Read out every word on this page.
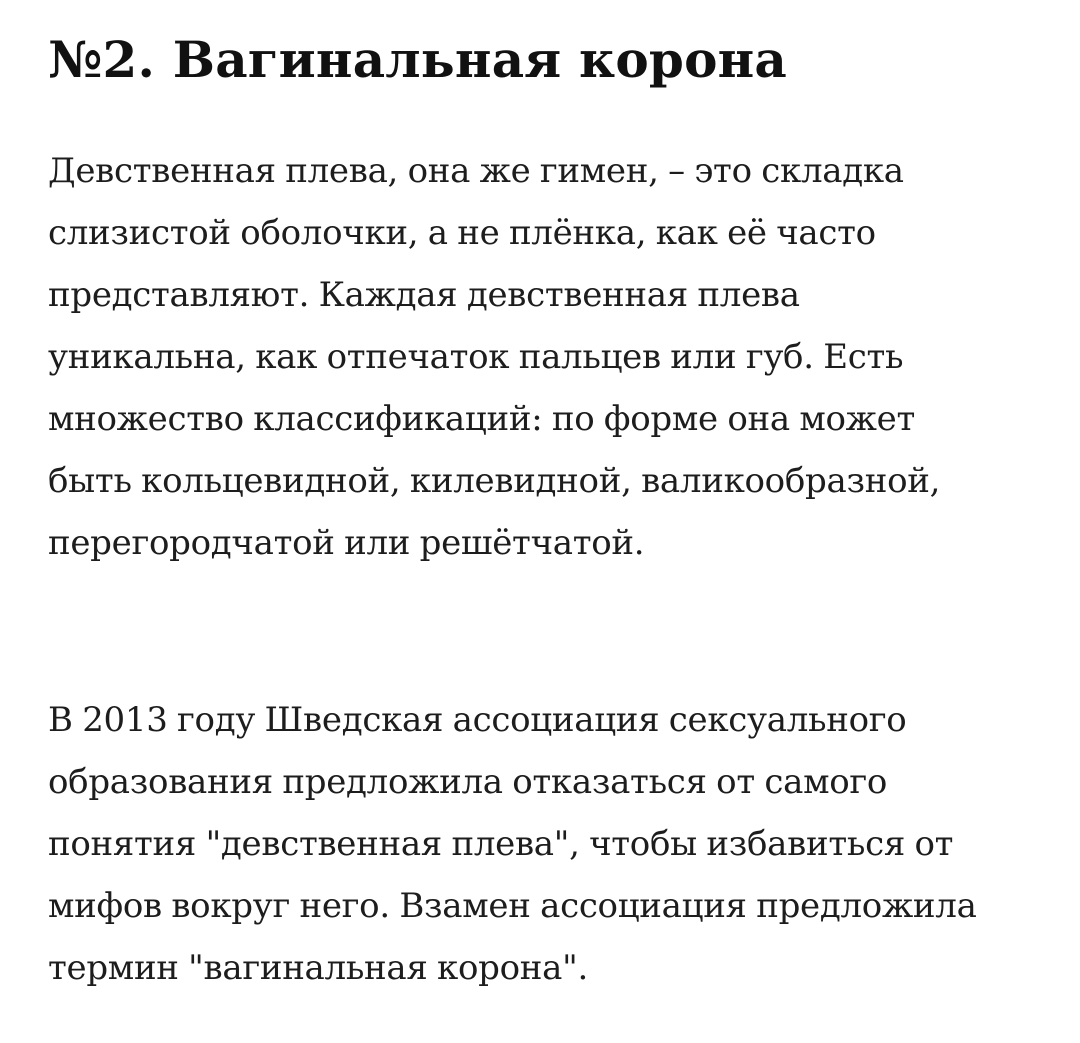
№2. Вагинальная корона

Девственная плева, она же гимен, – это складка
слизистой оболочки, а не плёнка, как её часто
представляют. Каждая девственная плева
уникальна, как отпечаток пальцев или губ. Есть
множество классификаций: по форме она может
быть кольцевидной, килевидной, валикообразной,
перегородчатой или решётчатой.

В 2013 году Шведская ассоциация сексуального
образования предложила отказаться от самого
понятия "девственная плева", чтобы избавиться от
мифов вокруг него. Взамен ассоциация предложила
термин "вагинальная корона".
